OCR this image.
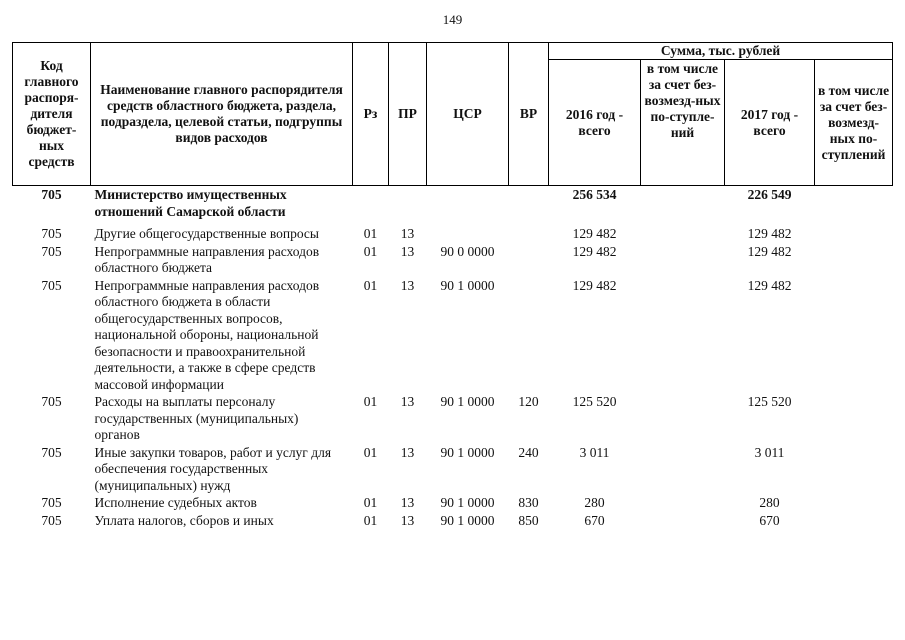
149
Код главного распоря-дителя бюджет-ных средств	Наименование главного распорядителя средств областного бюджета, раздела, подраздела, целевой статьи, подгруппы видов расходов	Рз	ПР	ЦСР	ВР	Сумма, тыс. рублей			
						2016 год - всего	в том числе за счет без-возмезд-ных по-ступле-ний	2017 год - всего	в том числе за счет без-возмезд-ных по-ступлений
705	Министерство имущественных отношений Самарской области					256 534		226 549	
705	Другие общегосударственные вопросы	01	13			129 482		129 482	
705	Непрограммные направления расходов областного бюджета	01	13	90 0 0000		129 482		129 482	
705	Непрограммные направления расходов областного бюджета в области общегосударственных вопросов, национальной обороны, национальной безопасности и правоохранительной деятельности, а также в сфере средств массовой информации	01	13	90 1 0000		129 482		129 482	
705	Расходы на выплаты персоналу государственных (муниципальных) органов	01	13	90 1 0000	120	125 520		125 520	
705	Иные закупки товаров, работ и услуг для обеспечения государственных (муниципальных) нужд	01	13	90 1 0000	240	3 011		3 011	
705	Исполнение судебных актов	01	13	90 1 0000	830	280		280	
705	Уплата налогов, сборов и иных	01	13	90 1 0000	850	670		670	
